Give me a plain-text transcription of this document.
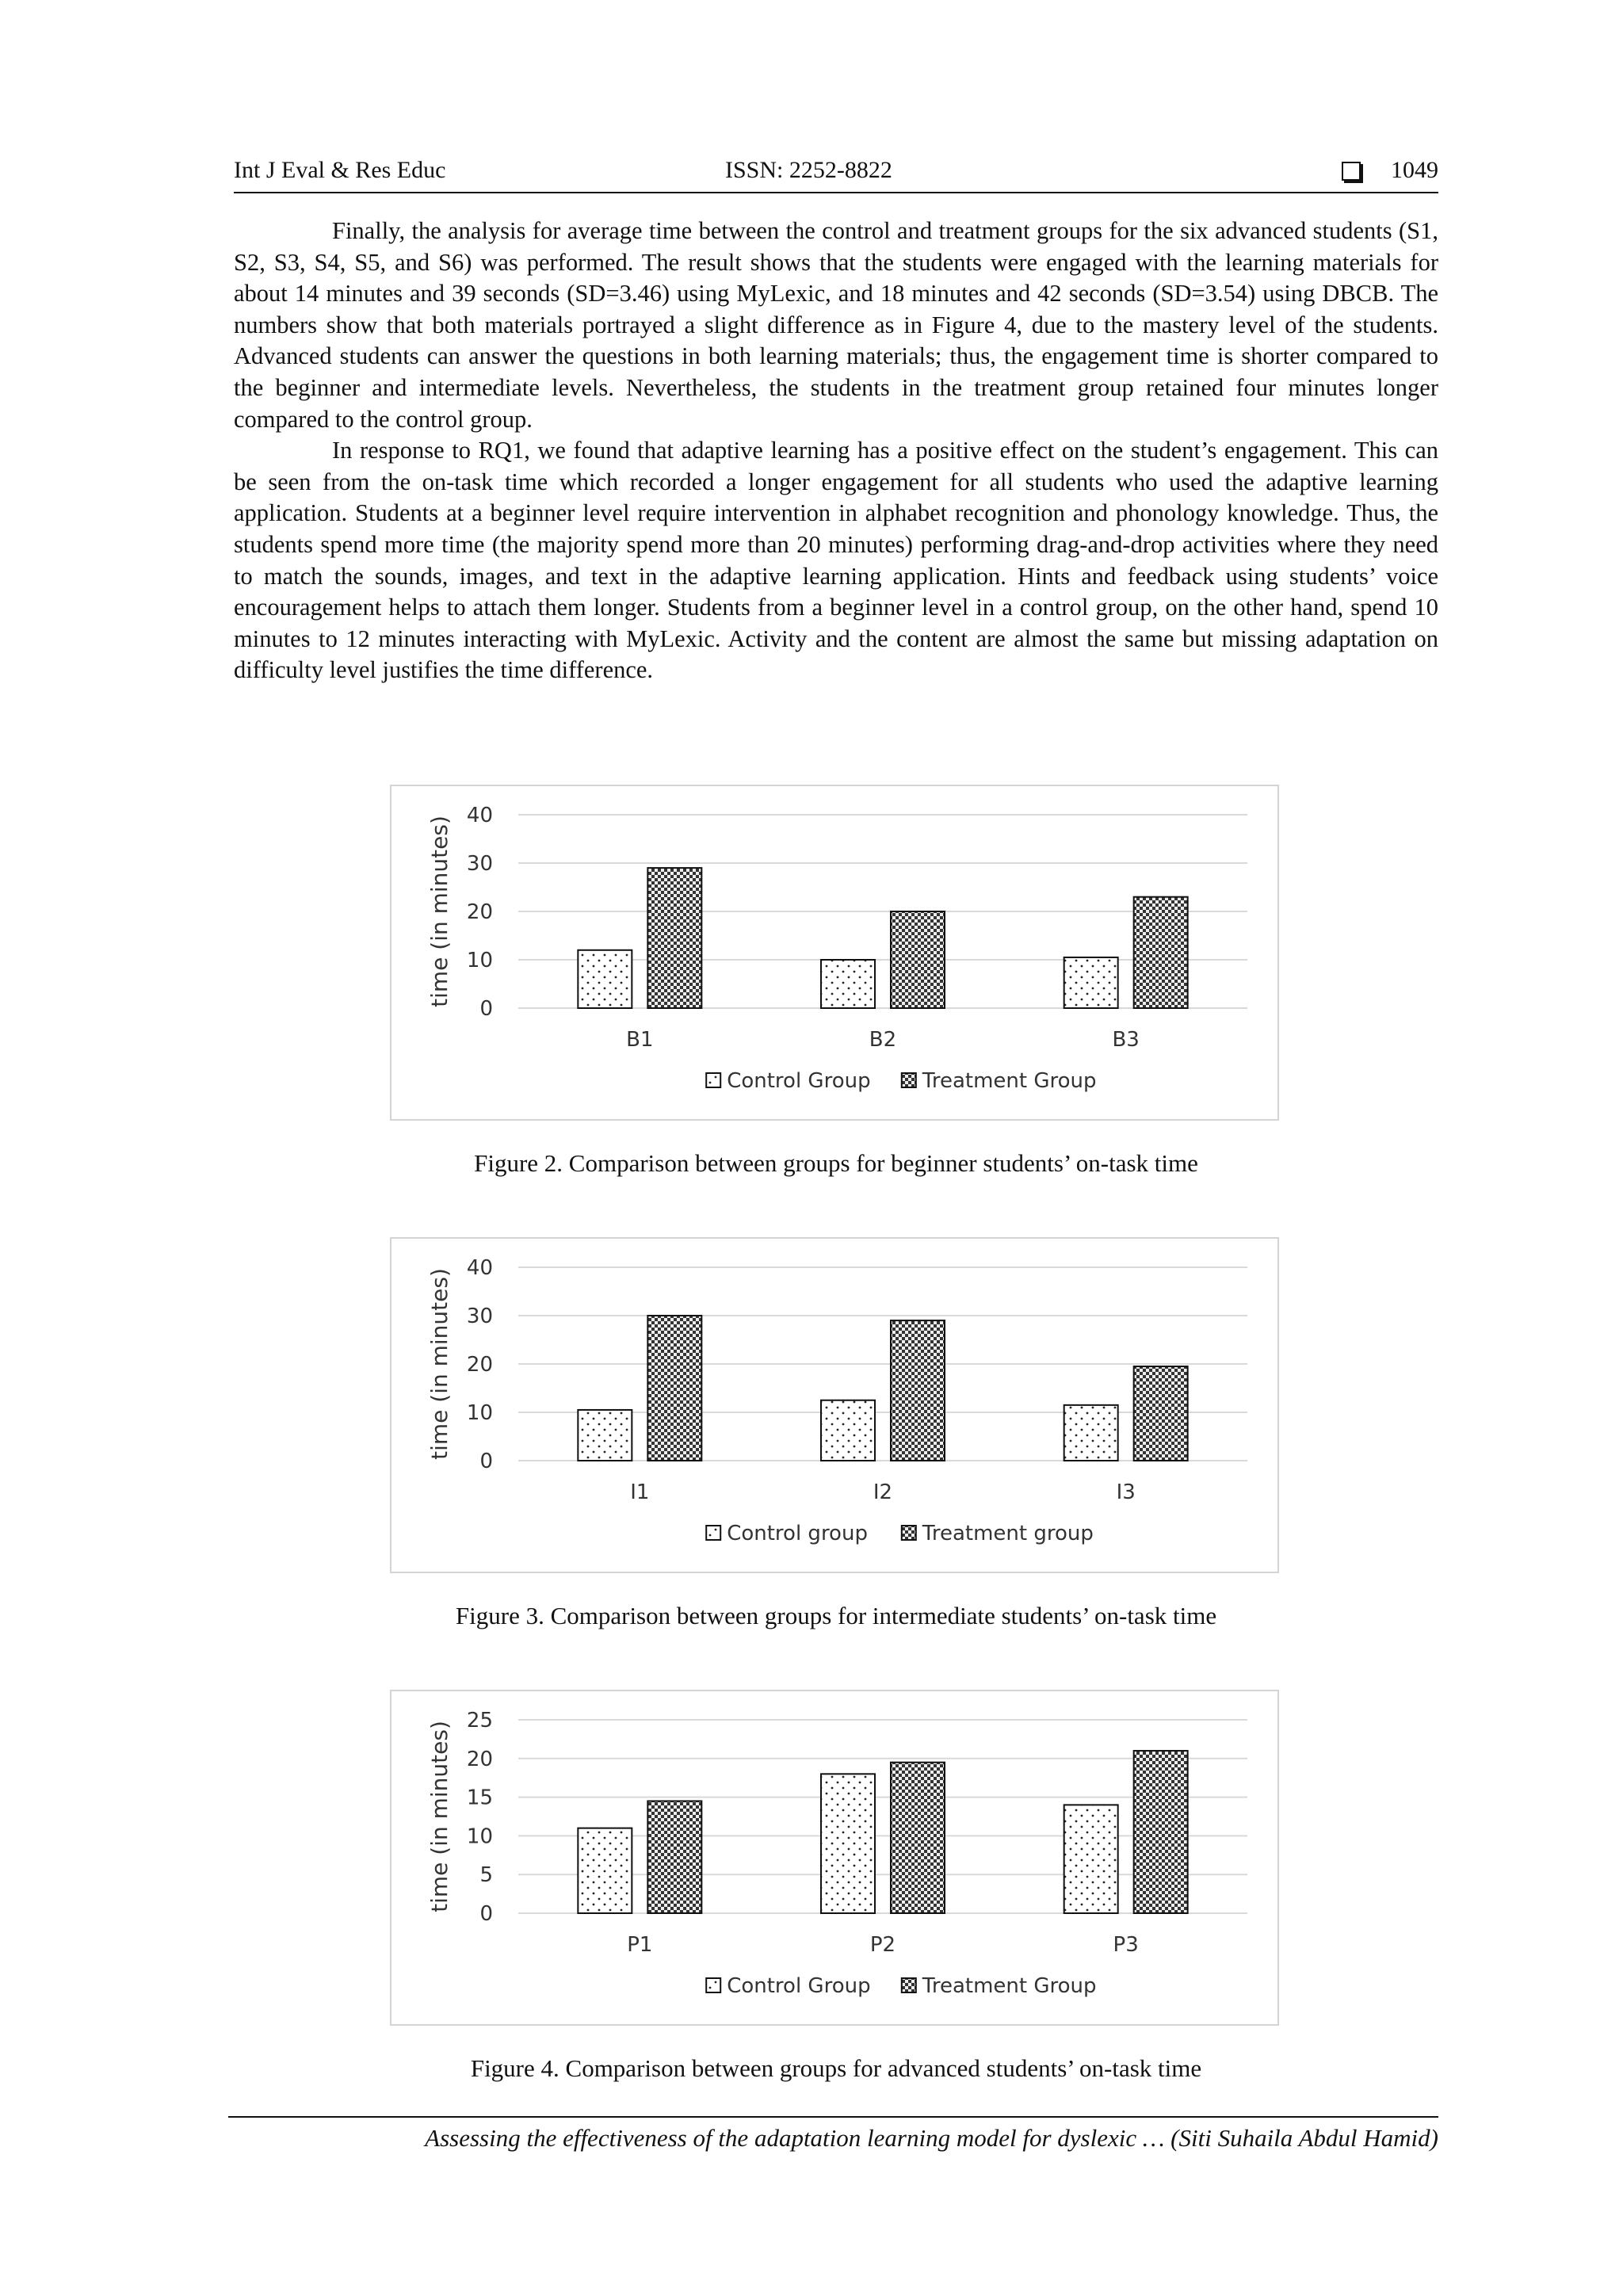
Int J Eval & Res Educ	ISSN: 2252-8822	1049

Finally, the analysis for average time between the control and treatment groups for the six advanced students (S1, S2, S3, S4, S5, and S6) was performed. The result shows that the students were engaged with the learning materials for about 14 minutes and 39 seconds (SD=3.46) using MyLexic, and 18 minutes and 42 seconds (SD=3.54) using DBCB. The numbers show that both materials portrayed a slight difference as in Figure 4, due to the mastery level of the students. Advanced students can answer the questions in both learning materials; thus, the engagement time is shorter compared to the beginner and intermediate levels. Nevertheless, the students in the treatment group retained four minutes longer compared to the control group.

In response to RQ1, we found that adaptive learning has a positive effect on the student’s engagement. This can be seen from the on-task time which recorded a longer engagement for all students who used the adaptive learning application. Students at a beginner level require intervention in alphabet recognition and phonology knowledge. Thus, the students spend more time (the majority spend more than 20 minutes) performing drag-and-drop activities where they need to match the sounds, images, and text in the adaptive learning application. Hints and feedback using students’ voice encouragement helps to attach them longer. Students from a beginner level in a control group, on the other hand, spend 10 minutes to 12 minutes interacting with MyLexic. Activity and the content are almost the same but missing adaptation on difficulty level justifies the time difference.

0
10
20
30
40
time (in minutes)
B1	B2	B3
Control Group	Treatment Group
Figure 2. Comparison between groups for beginner students’ on-task time
0
10
20
30
40
time (in minutes)
I1	I2	I3
Control group	Treatment group
Figure 3. Comparison between groups for intermediate students’ on-task time
0
5
10
15
20
25
time (in minutes)
P1	P2	P3
Control Group	Treatment Group
Figure 4. Comparison between groups for advanced students’ on-task time
Assessing the effectiveness of the adaptation learning model for dyslexic … (Siti Suhaila Abdul Hamid)
